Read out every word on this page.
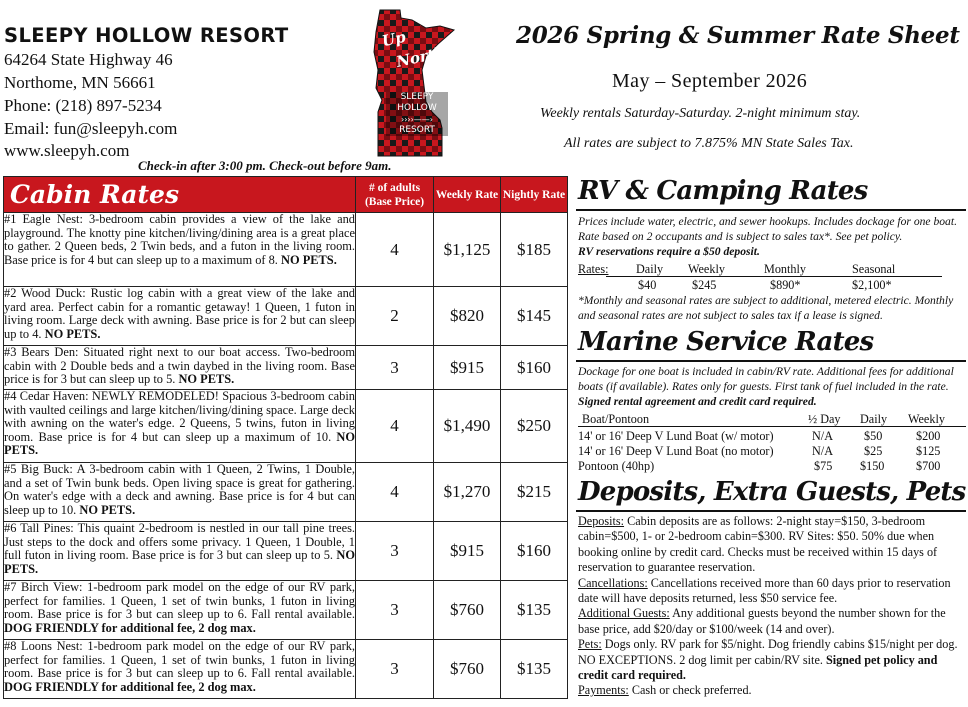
SLEEPY HOLLOW RESORT
64264 State Highway 46
Northome, MN 56661
Phone: (218) 897-5234
Email: fun@sleepyh.com
www.sleepyh.com
Check-in after 3:00 pm. Check-out before 9am.
Up
North
SLEEPY
HOLLOW
››››——›
RESORT
2026 Spring & Summer Rate Sheet
May – September 2026
Weekly rentals Saturday-Saturday. 2-night minimum stay.
All rates are subject to 7.875% MN State Sales Tax.
Cabin Rates	# of adults (Base Price)	Weekly Rate	Nightly Rate
#1 Eagle Nest: 3-bedroom cabin provides a view of the lake and playground. The knotty pine kitchen/living/dining area is a great place to gather. 2 Queen beds, 2 Twin beds, and a futon in the living room. Base price is for 4 but can sleep up to a maximum of 8. NO PETS.	4	$1,125	$185
#2 Wood Duck: Rustic log cabin with a great view of the lake and yard area. Perfect cabin for a romantic getaway! 1 Queen, 1 futon in living room. Large deck with awning. Base price is for 2 but can sleep up to 4. NO PETS.	2	$820	$145
#3 Bears Den: Situated right next to our boat access. Two-bedroom cabin with 2 Double beds and a twin daybed in the living room. Base price is for 3 but can sleep up to 5. NO PETS.	3	$915	$160
#4 Cedar Haven: NEWLY REMODELED! Spacious 3-bedroom cabin with vaulted ceilings and large kitchen/living/dining space. Large deck with awning on the water's edge. 2 Queens, 5 twins, futon in living room. Base price is for 4 but can sleep up a maximum of 10. NO PETS.	4	$1,490	$250
#5 Big Buck: A 3-bedroom cabin with 1 Queen, 2 Twins, 1 Double, and a set of Twin bunk beds. Open living space is great for gathering. On water's edge with a deck and awning. Base price is for 4 but can sleep up to 10. NO PETS.	4	$1,270	$215
#6 Tall Pines: This quaint 2-bedroom is nestled in our tall pine trees. Just steps to the dock and offers some privacy. 1 Queen, 1 Double, 1 full futon in living room. Base price is for 3 but can sleep up to 5. NO PETS.	3	$915	$160
#7 Birch View: 1-bedroom park model on the edge of our RV park, perfect for families. 1 Queen, 1 set of twin bunks, 1 futon in living room. Base price is for 3 but can sleep up to 6. Fall rental available. DOG FRIENDLY for additional fee, 2 dog max.	3	$760	$135
#8 Loons Nest: 1-bedroom park model on the edge of our RV park, perfect for families. 1 Queen, 1 set of twin bunks, 1 futon in living room. Base price is for 3 but can sleep up to 6. Fall rental available. DOG FRIENDLY for additional fee, 2 dog max.	3	$760	$135
RV & Camping Rates
Prices include water, electric, and sewer hookups. Includes dockage for one boat. Rate based on 2 occupants and is subject to sales tax*. See pet policy.
RV reservations require a $50 deposit.
Rates: Daily Weekly	Monthly	Seasonal
$40	$245	$890*	$2,100*
*Monthly and seasonal rates are subject to additional, metered electric. Monthly and seasonal rates are not subject to sales tax if a lease is signed.
Marine Service Rates
Dockage for one boat is included in cabin/RV rate. Additional fees for additional boats (if available). Rates only for guests. First tank of fuel included in the rate. Signed rental agreement and credit card required.
Boat/Pontoon	½ Day Daily Weekly
14' or 16' Deep V Lund Boat (w/ motor)	N/A	$50	$200
14' or 16' Deep V Lund Boat (no motor)	N/A	$25	$125
Pontoon (40hp)	$75 $150	$700
Deposits, Extra Guests, Pets
Deposits: Cabin deposits are as follows: 2-night stay=$150, 3-bedroom cabin=$500, 1- or 2-bedroom cabin=$300. RV Sites: $50. 50% due when booking online by credit card. Checks must be received within 15 days of reservation to guarantee reservation.
Cancellations: Cancellations received more than 60 days prior to reservation date will have deposits returned, less $50 service fee.
Additional Guests: Any additional guests beyond the number shown for the base price, add $20/day or $100/week (14 and over).
Pets: Dogs only. RV park for $5/night. Dog friendly cabins $15/night per dog. NO EXCEPTIONS. 2 dog limit per cabin/RV site. Signed pet policy and credit card required.
Payments: Cash or check preferred.
